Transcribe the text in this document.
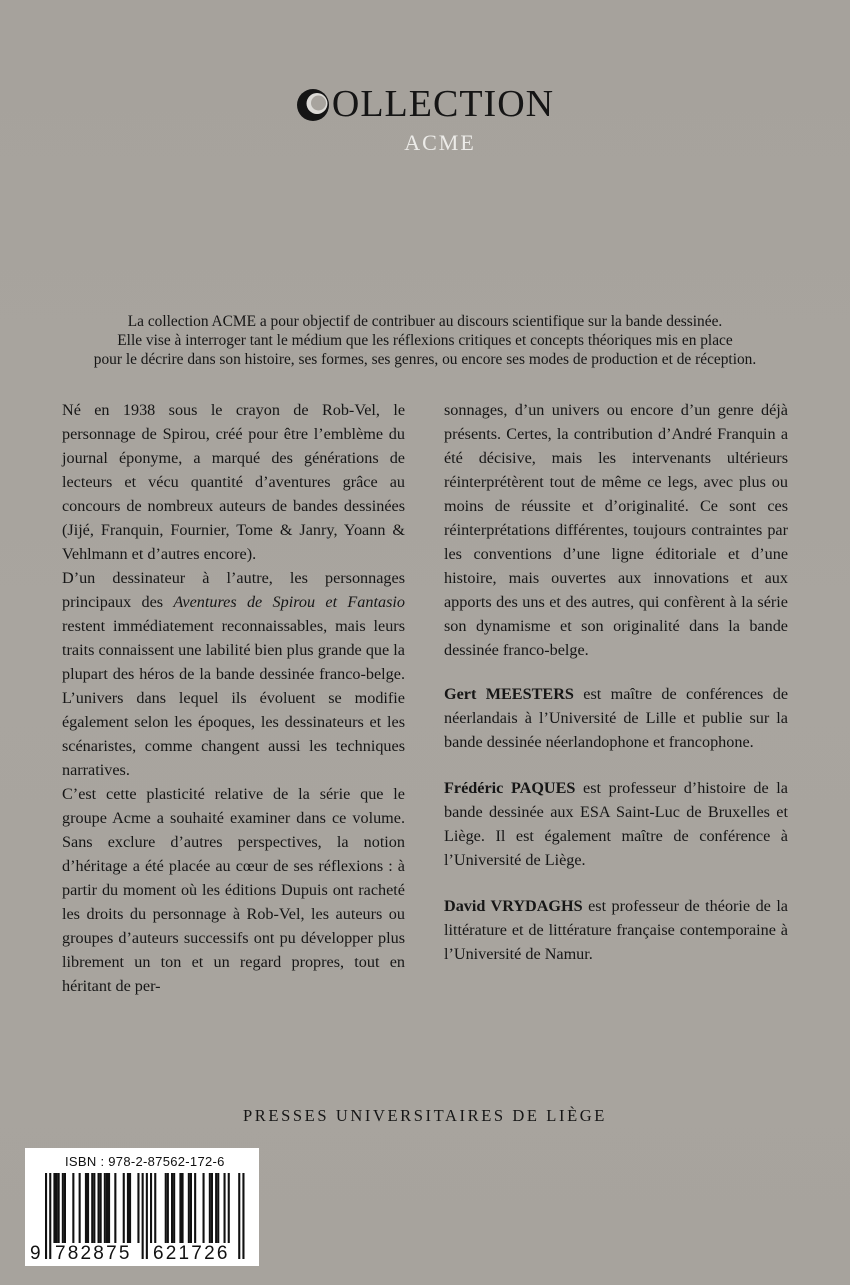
OLLECTION
ACME

La collection ACME a pour objectif de contribuer au discours scientifique sur la bande dessinée.

Elle vise à interroger tant le médium que les réflexions critiques et concepts théoriques mis en place

pour le décrire dans son histoire, ses formes, ses genres, ou encore ses modes de production et de réception.

Né en 1938 sous le crayon de Rob-Vel, le personnage de Spirou, créé pour être l’emblème du journal éponyme, a marqué des générations de lecteurs et vécu quantité d’aventures grâce au concours de nombreux auteurs de bandes dessinées (Jijé, Franquin, Fournier, Tome & Janry, Yoann & Vehlmann et d’autres encore).

D’un dessinateur à l’autre, les personnages principaux des Aventures de Spirou et Fantasio restent immédiatement reconnaissables, mais leurs traits connaissent une labilité bien plus grande que la plupart des héros de la bande dessinée franco-belge. L’univers dans lequel ils évoluent se modifie également selon les époques, les dessinateurs et les scénaristes, comme changent aussi les techniques narratives.

C’est cette plasticité relative de la série que le groupe Acme a souhaité examiner dans ce volume. Sans exclure d’autres perspectives, la notion d’héritage a été placée au cœur de ses réflexions : à partir du moment où les éditions Dupuis ont racheté les droits du personnage à Rob-Vel, les auteurs ou groupes d’auteurs successifs ont pu développer plus librement un ton et un regard propres, tout en héritant de per-

sonnages, d’un univers ou encore d’un genre déjà présents. Certes, la contribution d’André Franquin a été décisive, mais les intervenants ultérieurs réinterprétèrent tout de même ce legs, avec plus ou moins de réussite et d’originalité. Ce sont ces réinterprétations différentes, toujours contraintes par les conventions d’une ligne éditoriale et d’une histoire, mais ouvertes aux innovations et aux apports des uns et des autres, qui confèrent à la série son dynamisme et son originalité dans la bande dessinée franco-belge.

Gert MEESTERS est maître de conférences de néerlandais à l’Université de Lille et publie sur la bande dessinée néerlandophone et francophone.

Frédéric PAQUES est professeur d’histoire de la bande dessinée aux ESA Saint-Luc de Bruxelles et Liège. Il est également maître de conférence à l’Université de Liège.

David VRYDAGHS est professeur de théorie de la littérature et de littérature française contemporaine à l’Université de Namur.

PRESSES UNIVERSITAIRES DE LIÈGE
ISBN : 978-2-87562-172-6
9 782875 621726
